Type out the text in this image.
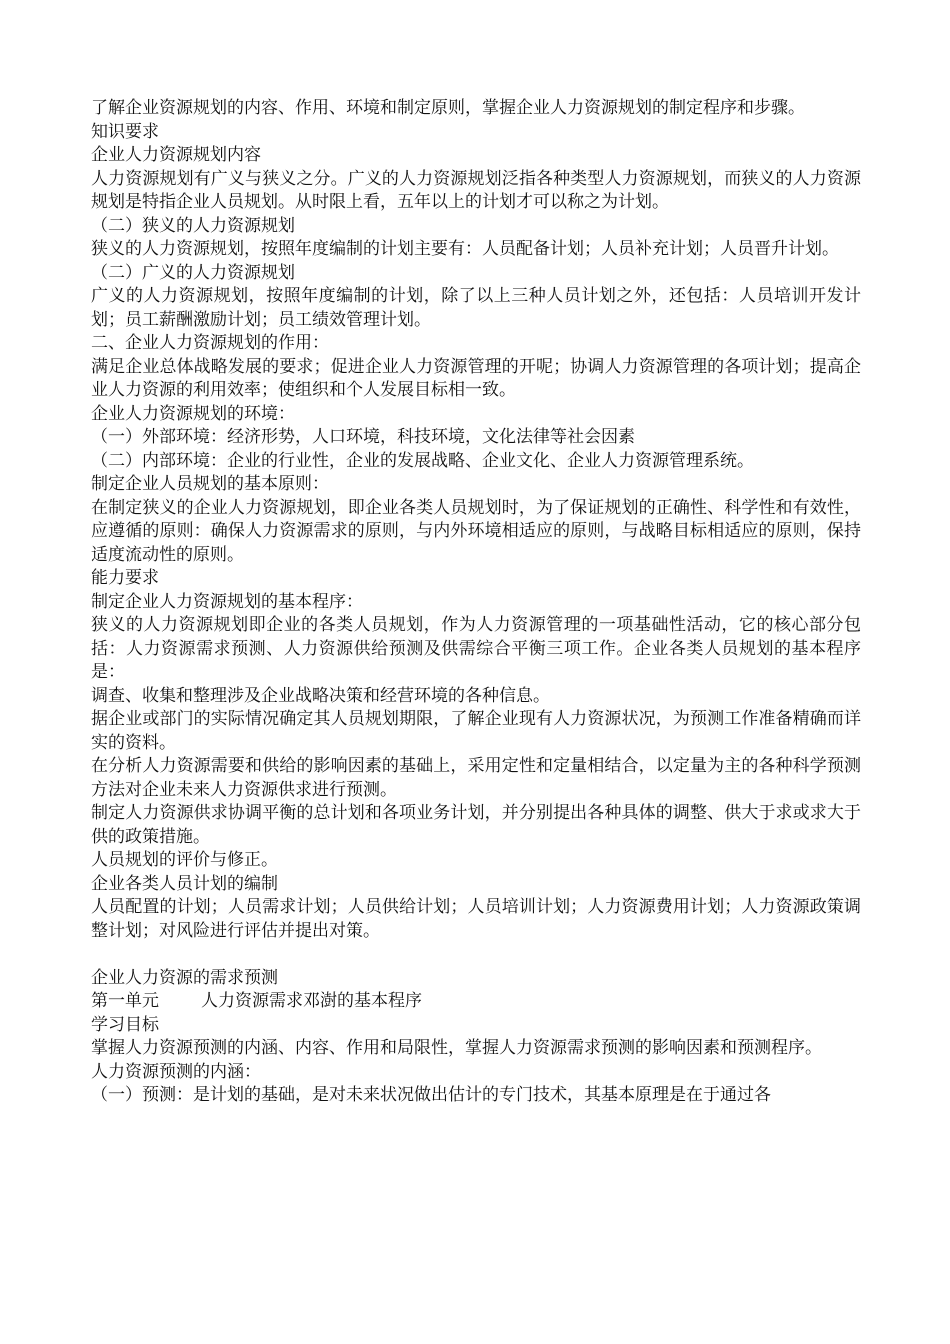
了解企业资源规划的内容、作用、环境和制定原则，掌握企业人力资源规划的制定程序和步骤。

知识要求

企业人力资源规划内容

人力资源规划有广义与狭义之分。广义的人力资源规划泛指各种类型人力资源规划，而狭义的人力资源规划是特指企业人员规划。从时限上看，五年以上的计划才可以称之为计划。

（二）狭义的人力资源规划

狭义的人力资源规划，按照年度编制的计划主要有：人员配备计划；人员补充计划；人员晋升计划。

（二）广义的人力资源规划

广义的人力资源规划，按照年度编制的计划，除了以上三种人员计划之外，还包括：人员培训开发计划；员工薪酬激励计划；员工绩效管理计划。

二、企业人力资源规划的作用：

满足企业总体战略发展的要求；促进企业人力资源管理的开呢；协调人力资源管理的各项计划；提高企业人力资源的利用效率；使组织和个人发展目标相一致。

企业人力资源规划的环境：

（一）外部环境：经济形势，人口环境，科技环境，文化法律等社会因素

（二）内部环境：企业的行业性，企业的发展战略、企业文化、企业人力资源管理系统。

制定企业人员规划的基本原则：

在制定狭义的企业人力资源规划，即企业各类人员规划时，为了保证规划的正确性、科学性和有效性，应遵循的原则：确保人力资源需求的原则，与内外环境相适应的原则，与战略目标相适应的原则，保持适度流动性的原则。

能力要求

制定企业人力资源规划的基本程序：

狭义的人力资源规划即企业的各类人员规划，作为人力资源管理的一项基础性活动，它的核心部分包括：人力资源需求预测、人力资源供给预测及供需综合平衡三项工作。企业各类人员规划的基本程序是：

调查、收集和整理涉及企业战略决策和经营环境的各种信息。

据企业或部门的实际情况确定其人员规划期限，了解企业现有人力资源状况，为预测工作准备精确而详实的资料。

在分析人力资源需要和供给的影响因素的基础上，采用定性和定量相结合，以定量为主的各种科学预测方法对企业未来人力资源供求进行预测。

制定人力资源供求协调平衡的总计划和各项业务计划，并分别提出各种具体的调整、供大于求或求大于供的政策措施。

人员规划的评价与修正。

企业各类人员计划的编制

人员配置的计划；人员需求计划；人员供给计划；人员培训计划；人力资源费用计划；人力资源政策调整计划；对风险进行评估并提出对策。

企业人力资源的需求预测

第一单元 人力资源需求邓澍的基本程序

学习目标

掌握人力资源预测的内涵、内容、作用和局限性，掌握人力资源需求预测的影响因素和预测程序。

人力资源预测的内涵：

（一）预测：是计划的基础，是对未来状况做出估计的专门技术，其基本原理是在于通过各
